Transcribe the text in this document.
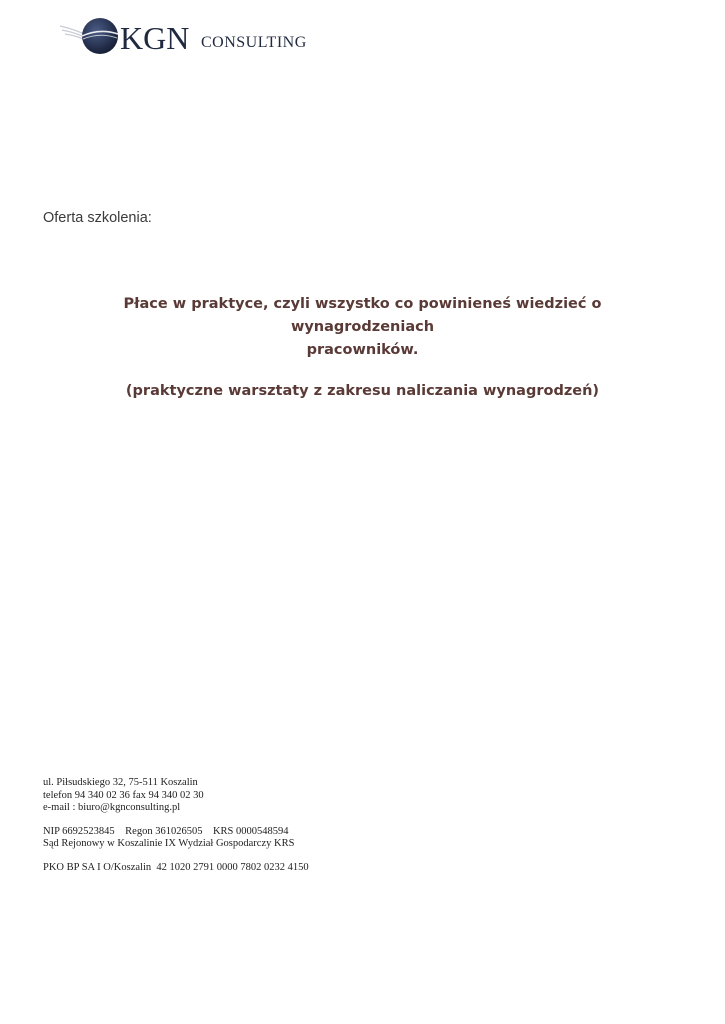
KGN CONSULTING
Oferta szkolenia:

Płace w praktyce, czyli wszystko co powinieneś wiedzieć o wynagrodzeniach
pracowników.

(praktyczne warsztaty z zakresu naliczania wynagrodzeń)

ul. Piłsudskiego 32, 75-511 Koszalin

telefon 94 340 02 36 fax 94 340 02 30

e-mail : biuro@kgnconsulting.pl

NIP 6692523845    Regon 361026505    KRS 0000548594

Sąd Rejonowy w Koszalinie IX Wydział Gospodarczy KRS

PKO BP SA I O/Koszalin  42 1020 2791 0000 7802 0232 4150
